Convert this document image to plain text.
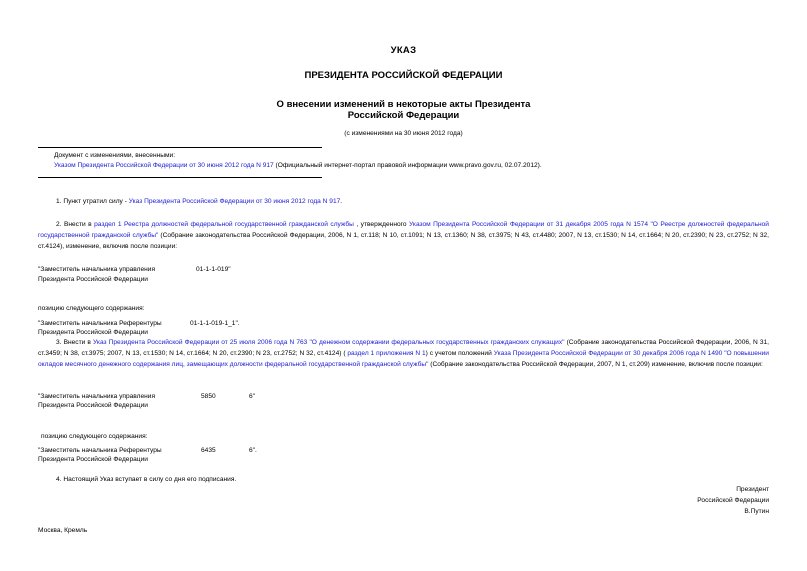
УКАЗ
ПРЕЗИДЕНТА РОССИЙСКОЙ ФЕДЕРАЦИИ
О внесении изменений в некоторые акты Президента
Российской Федерации
(с изменениями на 30 июня 2012 года)
Документ с изменениями, внесенными:
Указом Президента Российской Федерации от 30 июня 2012 года N 917 (Официальный интернет-портал правовой информации www.pravo.gov.ru, 02.07.2012).
1. Пункт утратил силу - Указ Президента Российской Федерации от 30 июня 2012 года N 917.
2. Внести в раздел 1 Реестра должностей федеральной государственной гражданской службы , утвержденного Указом Президента Российской Федерации от 31 декабря 2005 года N 1574 "О Реестре должностей федеральной государственной гражданской службы" (Собрание законодательства Российской Федерации, 2006, N 1, ст.118; N 10, ст.1091; N 13, ст.1360; N 38, ст.3975; N 43, ст.4480; 2007, N 13, ст.1530; N 14, ст.1664; N 20, ст.2390; N 23, ст.2752; N 32, ст.4124), изменение, включив после позиции:
"Заместитель начальника управления
Президента Российской Федерации
01-1-1-019"
позицию следующего содержания:
"Заместитель начальника Референтуры
Президента Российской Федерации
01-1-1-019-1_1".
3. Внести в Указ Президента Российской Федерации от 25 июля 2006 года N 763 "О денежном содержании федеральных государственных гражданских служащих" (Собрание законодательства Российской Федерации, 2006, N 31, ст.3459; N 38, ст.3975; 2007, N 13, ст.1530; N 14, ст.1664; N 20, ст.2390; N 23, ст.2752; N 32, ст.4124) ( раздел 1 приложения N 1) с учетом положений Указа Президента Российской Федерации от 30 декабря 2006 года N 1490 "О повышении окладов месячного денежного содержания лиц, замещающих должности федеральной государственной гражданской службы" (Собрание законодательства Российской Федерации, 2007, N 1, ст.209) изменение, включив после позиции:
"Заместитель начальника управления
Президента Российской Федерации
5850	6"
позицию следующего содержания:
"Заместитель начальника Референтуры
Президента Российской Федерации
6435	6".
4. Настоящий Указ вступает в силу со дня его подписания.
Президент
Российской Федерации
В.Путин
Москва, Кремль
